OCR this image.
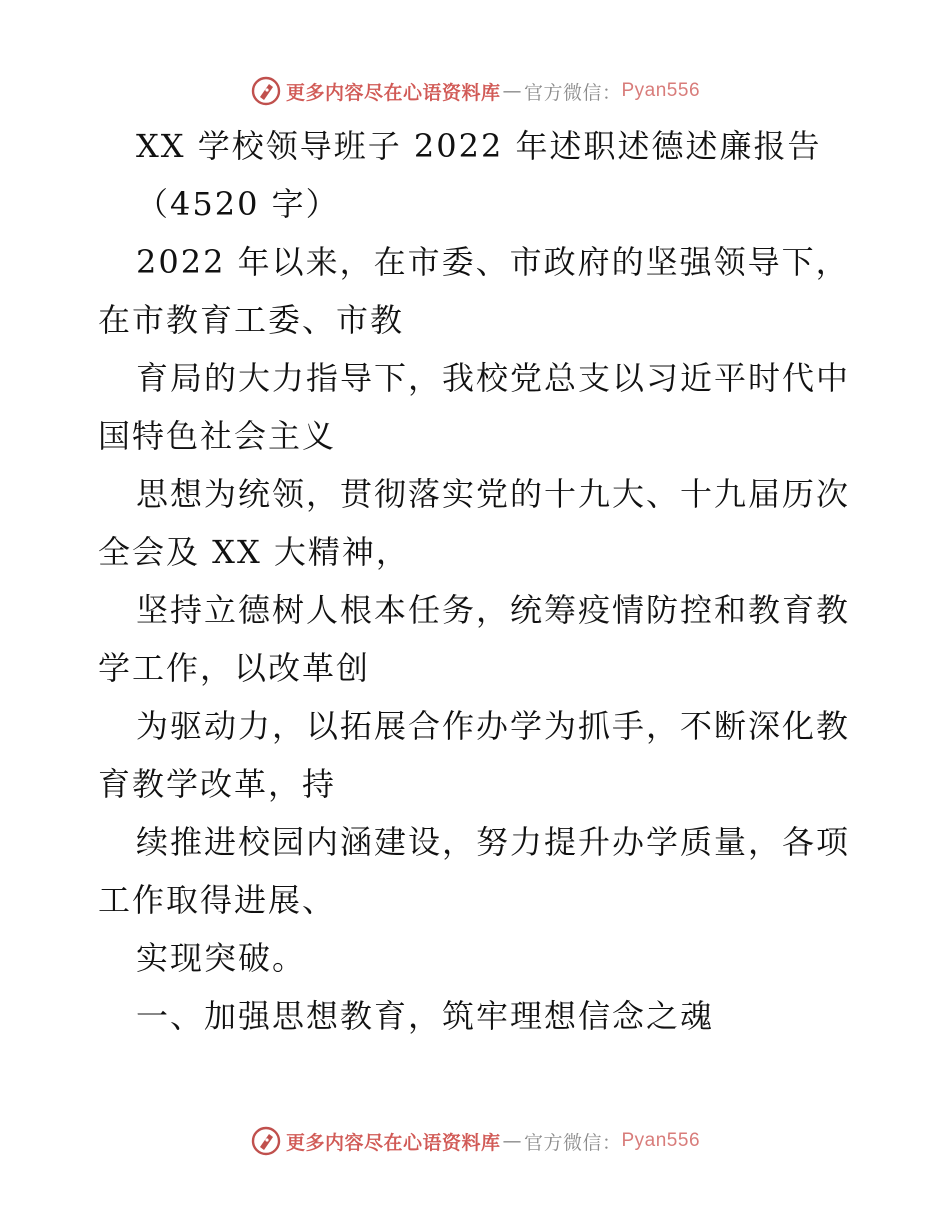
更多内容尽在心语资料库 — 官方微信： Pyan556
XX 学校领导班子 2022 年述职述德述廉报告
（4520 字）
2022 年以来，在市委、市政府的坚强领导下，
在市教育工委、市教
育局的大力指导下，我校党总支以习近平时代中
国特色社会主义
思想为统领，贯彻落实党的十九大、十九届历次
全会及 XX 大精神，
坚持立德树人根本任务，统筹疫情防控和教育教
学工作，以改革创
为驱动力，以拓展合作办学为抓手，不断深化教
育教学改革，持
续推进校园内涵建设，努力提升办学质量，各项
工作取得进展、
实现突破。
一、加强思想教育，筑牢理想信念之魂
更多内容尽在心语资料库 — 官方微信： Pyan556
